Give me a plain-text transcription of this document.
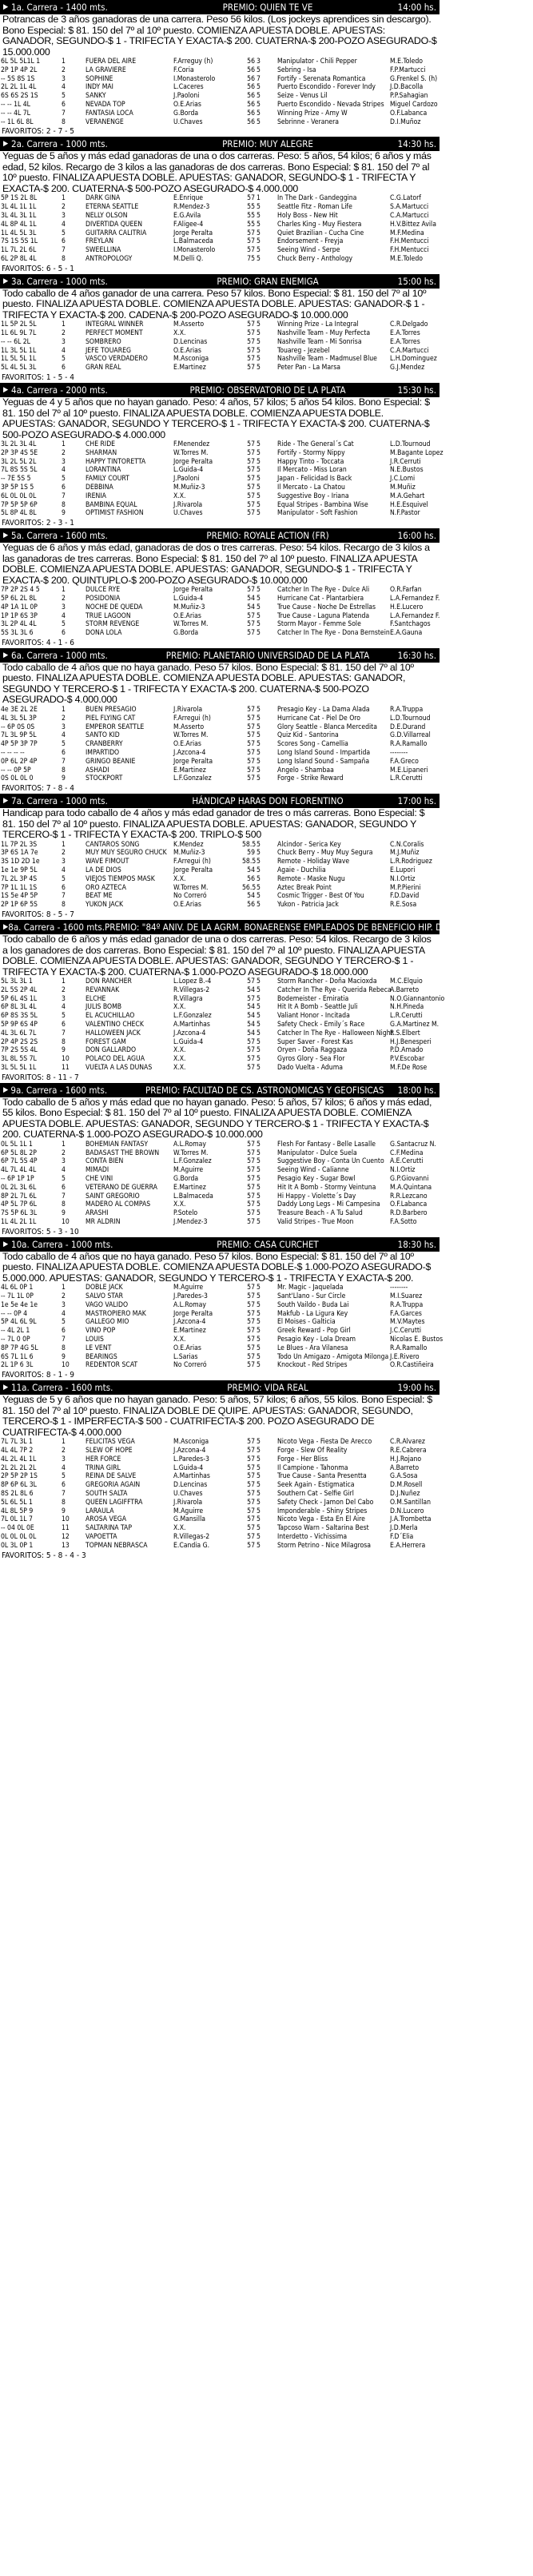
▶ 1a. Carrera - 1400 mts.	PREMIO: QUIEN TE VE	14:00 hs.
Potrancas de 3 años ganadoras de una carrera. Peso 56 kilos. (Los jockeys aprendices sin descargo). Bono Especial: $ 81. 150 del 7º al 10º puesto. COMIENZA APUESTA DOBLE. APUESTAS: GANADOR, SEGUNDO-$ 1 - TRIFECTA Y EXACTA-$ 200. CUATERNA-$ 200-POZO ASEGURADO-$ 15.000.000
6L 5L 5L1L 1	1	FUERA DEL AIRE	F.Arreguy (h)	56	3	Manipulator - Chili Pepper	M.E.Toledo
2P 1P 4P 2L	2	LA GRAVIERE	F.Coria	56	5	Sebring - Isa	F.P.Martucci
-- 5S 8S 1S	3	SOPHINE	I.Monasterolo	56	7	Fortify - Serenata Romantica	G.Frenkel S. (h)
2L 2L 1L 4L	4	INDY MAI	L.Caceres	56	5	Puerto Escondido - Forever Indy	J.D.Bacolla
6S 6S 2S 1S	5	SANKY	J.Paoloni	56	5	Seize - Venus Lil	P.P.Sahagian
-- -- 1L 4L	6	NEVADA TOP	O.E.Arias	56	5	Puerto Escondido - Nevada Stripes	Miguel Cardozo
-- -- 4L 7L	7	FANTASIA LOCA	G.Borda	56	5	Winning Prize - Amy W	O.F.Labanca
-- 1L 6L 8L	8	VERANENGE	U.Chaves	56	5	Sebrinne - Veranera	D.I.Muñoz
FAVORITOS: 2 - 7 - 5
▶ 2a. Carrera - 1000 mts.	PREMIO: MUY ALEGRE	14:30 hs.
Yeguas de 5 años y más edad ganadoras de una o dos carreras. Peso: 5 años, 54 kilos; 6 años y más edad, 52 kilos. Recargo de 3 kilos a las ganadoras de dos carreras. Bono Especial: $ 81. 150 del 7º al 10º puesto. FINALIZA APUESTA DOBLE. APUESTAS: GANADOR, SEGUNDO-$ 1 - TRIFECTA Y EXACTA-$ 200. CUATERNA-$ 500-POZO ASEGURADO-$ 4.000.000
5P 1S 2L 8L	1	DARK GINA	E.Enrique	57	1	In The Dark - Gandeggina	C.G.Latorf
3L 4L 1L 1L	2	ETERNA SEATTLE	R.Mendez-3	55	5	Seattle Fitz - Roman Life	S.A.Martucci
3L 4L 3L 1L	3	NELLY OLSON	E.G.Avila	55	5	Holy Boss - New Hit	C.A.Martucci
4L 8P 4L 1L	4	DIVERTIDA QUEEN	F.Aligee-4	55	5	Charles King - Muy Fiestera	H.V.Bittez Avila
1L 4L 5L 3L	5	GUITARRA CALITRIA	Jorge Peralta	57	5	Quiet Brazilian - Cucha Cine	M.F.Medina
7S 1S 5S 1L	6	FREYLAN	L.Balmaceda	57	5	Endorsement - Freyja	F.H.Mentucci
1L 7L 2L 6L	7	SWEELLINA	I.Monasterolo	57	5	Seeing Wind - Serpe	F.H.Mentucci
6L 2P 8L 4L	8	ANTROPOLOGY	M.Delli Q.	75	5	Chuck Berry - Anthology	M.E.Toledo
FAVORITOS: 6 - 5 - 1
▶ 3a. Carrera - 1000 mts.	PREMIO: GRAN ENEMIGA	15:00 hs.
Todo caballo de 4 años ganador de una carrera. Peso 57 kilos. Bono Especial: $ 81. 150 del 7º al 10º puesto. FINALIZA APUESTA DOBLE. COMIENZA APUESTA DOBLE. APUESTAS: GANADOR-$ 1 - TRIFECTA Y EXACTA-$ 200. CADENA-$ 200-POZO ASEGURADO-$ 10.000.000
1L 5P 2L 5L	1	INTEGRAL WINNER	M.Asserto	57	5	Winning Prize - La Integral	C.R.Delgado
1L 6L 9L 7L	2	PERFECT MOMENT	X.X.	57	5	Nashville Team - Muy Perfecta	E.A.Torres
-- -- 6L 2L	3	SOMBRERO	D.Lencinas	57	5	Nashville Team - Mi Sonrisa	E.A.Torres
1L 3L 5L 1L	4	JEFE TOUAREG	O.E.Arias	57	5	Touareg - Jezebel	C.A.Martucci
1L 5L 5L 1L	5	VASCO VERDADERO	M.Asconiga	57	5	Nashville Team - Madmusel Blue	L.H.Dominguez
5L 4L 5L 3L	6	GRAN REAL	E.Martinez	57	5	Peter Pan - La Marsa	G.J.Mendez
FAVORITOS: 1 - 5 - 4
▶ 4a. Carrera - 2000 mts.	PREMIO: OBSERVATORIO DE LA PLATA	15:30 hs.
Yeguas de 4 y 5 años que no hayan ganado. Peso: 4 años, 57 kilos; 5 años 54 kilos. Bono Especial: $ 81. 150 del 7º al 10º puesto. FINALIZA APUESTA DOBLE. COMIENZA APUESTA DOBLE. APUESTAS: GANADOR, SEGUNDO Y TERCERO-$ 1 - TRIFECTA Y EXACTA-$ 200. CUATERNA-$ 500-POZO ASEGURADO-$ 4.000.000
3L 2L 3L 4L	1	CHE RIDE	F.Menendez	57	5	Ride - The General´s Cat	L.D.Tournoud
2P 3P 4S 5E	2	SHARMAN	W.Torres M.	57	5	Fortify - Stormy Nippy	M.Bagante Lopez
3L 2L 5L 2L	3	HAPPY TINTORETTA	Jorge Peralta	57	5	Happy Tinto - Toccata	J.R.Cerruti
7L 8S 5S 5L	4	LORANTINA	L.Guida-4	57	5	Il Mercato - Miss Loran	N.E.Bustos
-- 7E 5S 5	5	FAMILY COURT	J.Paoloni	57	5	Japan - Felicidad Is Back	J.C.Lomi
3P 5P 1S 5	6	DEBBINA	M.Muñiz-3	57	5	Il Mercato - La Chatou	M.Muñiz
6L 0L 0L 0L	7	IRENIA	X.X.	57	5	Suggestive Boy - Iriana	M.A.Gehart
7P 5P 5P 6P	8	BAMBINA EQUAL	J.Rivarola	57	5	Equal Stripes - Bambina Wise	H.E.Esquivel
5L 8P 4L 8L	9	OPTIMIST FASHION	U.Chaves	57	5	Manipulator - Soft Fashion	N.F.Pastor
FAVORITOS: 2 - 3 - 1
▶ 5a. Carrera - 1600 mts.	PREMIO: ROYALE ACTION (FR)	16:00 hs.
Yeguas de 6 años y más edad, ganadoras de dos o tres carreras. Peso: 54 kilos. Recargo de 3 kilos a las ganadoras de tres carreras. Bono Especial: $ 81. 150 del 7º al 10º puesto. FINALIZA APUESTA DOBLE. COMIENZA APUESTA DOBLE. APUESTAS: GANADOR, SEGUNDO-$ 1 - TRIFECTA Y EXACTA-$ 200. QUINTUPLO-$ 200-POZO ASEGURADO-$ 10.000.000
7P 2P 2S 4 5	1	DULCE RYE	Jorge Peralta	57	5	Catcher In The Rye - Dulce Ali	O.R.Farfan
5P 6L 2L 8L	2	POSIDONIA	L.Guida-4	54	5	Hurricane Cat - Plantarbiera	L.A.Fernandez F.
4P 1A 1L 0P	3	NOCHE DE QUEDA	M.Muñiz-3	54	5	True Cause - Noche De Estrellas	H.E.Lucero
1P 1P 6S 3P	4	TRUE LAGOON	O.E.Arias	57	5	True Cause - Laguna Platenda	L.A.Fernandez F.
3L 2P 4L 4L	5	STORM REVENGE	W.Torres M.	57	5	Storm Mayor - Femme Sole	F.Santchagos
5S 3L 3L 6	6	DONA LOLA	G.Borda	57	5	Catcher In The Rye - Dona Bernstein	E.A.Gauna
FAVORITOS: 4 - 1 - 6
▶ 6a. Carrera - 1000 mts.	PREMIO: PLANETARIO UNIVERSIDAD DE LA PLATA	16:30 hs.
Todo caballo de 4 años que no haya ganado. Peso 57 kilos. Bono Especial: $ 81. 150 del 7º al 10º puesto. FINALIZA APUESTA DOBLE. COMIENZA APUESTA DOBLE. APUESTAS: GANADOR, SEGUNDO Y TERCERO-$ 1 - TRIFECTA Y EXACTA-$ 200. CUATERNA-$ 500-POZO ASEGURADO-$ 4.000.000
4e 3E 2L 2E	1	BUEN PRESAGIO	J.Rivarola	57	5	Presagio Key - La Dama Alada	R.A.Truppa
4L 3L 5L 3P	2	PIEL FLYING CAT	F.Arregui (h)	57	5	Hurricane Cat - Piel De Oro	L.D.Tournoud
-- 6P 0S 0S	3	EMPEROR SEATTLE	M.Asserto	57	5	Glory Seattle - Blanca Mercedita	D.E.Durand
7L 3L 9P 5L	4	SANTO KID	W.Torres M.	57	5	Quiz Kid - Santorina	G.D.Villarreal
4P 5P 3P 7P	5	CRANBERRY	O.E.Arias	57	5	Scores Song - Camellia	R.A.Ramallo
-- -- -- --	6	IMPARTIDO	J.Azcona-4	57	5	Long Island Sound - Impartida	--------
0P 6L 2P 4P	7	GRINGO BEANIE	Jorge Peralta	57	5	Long Island Sound - Sampaña	F.A.Greco
-- -- 0P 5P	8	ASHADI	E.Martinez	57	5	Angelo - Shambaa	M.E.Lipaneri
0S 0L 0L 0	9	STOCKPORT	L.F.Gonzalez	57	5	Forge - Strike Reward	L.R.Cerutti
FAVORITOS: 7 - 8 - 4
▶ 7a. Carrera - 1000 mts.	HÁNDICAP HARAS DON FLORENTINO	17:00 hs.
Handicap para todo caballo de 4 años y más edad ganador de tres o más carreras. Bono Especial: $ 81. 150 del 7º al 10º puesto. FINALIZA APUESTA DOBLE. APUESTAS: GANADOR, SEGUNDO Y TERCERO-$ 1 - TRIFECTA Y EXACTA-$ 200. TRIPLO-$ 500
1L 7P 2L 3S	1	CANTAROS SONG	K.Mendez	58.5	5	Alcindor - Serica Key	C.N.Coralis
3P 6S 1A 7e	2	MUY MUY SEGURO CHUCK	M.Muñiz-3	59	5	Chuck Berry - Muy Muy Segura	M.J.Muñiz
3S 1D 2D 1e	3	WAVE FIMOUT	F.Arregui (h)	58.5	5	Remote - Holiday Wave	L.R.Rodriguez
1e 1e 9P 5L	4	LA DE DIOS	Jorge Peralta	54	5	Agaie - Duchilia	E.Lupori
7L 2L 3P 4S	5	VIEJOS TIEMPOS MASK	X.X.	56	5	Remote - Maske Nugu	N.I.Ortiz
7P 1L 1L 1S	6	ORO AZTECA	W.Torres M.	56.5	5	Aztec Break Point	M.P.Pierini
1S 5e 4P 5P	7	BEAT ME	No Correró	54	5	Cosmic Trigger - Best Of You	F.D.David
2P 1P 6P 5S	8	YUKON JACK	O.E.Arias	56	5	Yukon - Patricia Jack	R.E.Sosa
FAVORITOS: 8 - 5 - 7
▶ 8a. Carrera - 1600 mts. PREMIO: "84º ANIV. DE LA AGRM. BONAERENSE EMPLEADOS DE BENEFICIO HIP. DE LA PLATA" 17:30 hs.
Todo caballo de 6 años y más edad ganador de una o dos carreras. Peso: 54 kilos. Recargo de 3 kilos a los ganadores de dos carreras. Bono Especial: $ 81. 150 del 7º al 10º puesto. FINALIZA APUESTA DOBLE. COMIENZA APUESTA DOBLE. APUESTAS: GANADOR, SEGUNDO Y TERCERO-$ 1 - TRIFECTA Y EXACTA-$ 200. CUATERNA-$ 1.000-POZO ASEGURADO-$ 18.000.000
5L 3L 3L 1	1	DON RANCHER	L.Lopez B.-4	57	5	Storm Rancher - Doña Macioxda	M.C.Elquio
2L 5S 2P 4L	2	REVANNAK	R.Villegas-2	54	5	Catcher In The Rye - Querida Rebeca	A.Barreto
5P 6L 4S 1L	3	ELCHE	R.Villagra	57	5	Bodemeister - Emiratia	N.O.Giannantonio
6P 8L 3L 4L	4	JULIS BOMB	X.X.	54	5	Hit It A Bomb - Seattle Juli	N.H.Pineda
6P 8S 3S 5L	5	EL ACUCHILLAO	L.F.Gonzalez	54	5	Valiant Honor - Incitada	L.R.Cerutti
5P 9P 6S 4P	6	VALENTINO CHECK	A.Martinhas	54	5	Safety Check - Emily´s Race	G.A.Martinez M.
4L 3L 6L 7L	7	HALLOWEEN JACK	J.Azcona-4	54	5	Catcher In The Rye - Halloween Night	R.S.Elbert
2P 4P 2S 2S	8	FOREST GAM	L.Guida-4	57	5	Super Saver - Forest Kas	H.J.Benesperi
7P 2S 5S 4L	9	DON GALLARDO	X.X.	57	5	Oryen - Doña Raggaza	P.D.Amado
3L 8L 5S 7L	10	POLACO DEL AGUA	X.X.	57	5	Gyros Glory - Sea Flor	P.V.Escobar
3L 5L 5L 1L	11	VUELTA A LAS DUNAS	X.X.	57	5	Dado Vuelta - Aduma	M.F.De Rose
FAVORITOS: 8 - 11 - 7
▶ 9a. Carrera - 1600 mts.	PREMIO: FACULTAD DE CS. ASTRONOMICAS Y GEOFISICAS	18:00 hs.
Todo caballo de 5 años y más edad que no hayan ganado. Peso: 5 años, 57 kilos; 6 años y más edad, 55 kilos. Bono Especial: $ 81. 150 del 7º al 10º puesto. FINALIZA APUESTA DOBLE. COMIENZA APUESTA DOBLE. APUESTAS: GANADOR, SEGUNDO Y TERCERO-$ 1 - TRIFECTA Y EXACTA-$ 200. CUATERNA-$ 1.000-POZO ASEGURADO-$ 10.000.000
0L 5L 1L 1	1	BOHEMIAN FANTASY	A.L.Romay	57	5	Flesh For Fantasy - Belle Lasalle	G.Santacruz N.
6P 5L 8L 2P	2	BADASAST THE BROWN	W.Torres M.	57	5	Manipulator - Dulce Suela	C.F.Medina
6P 7L 5S 4P	3	CONTA BIEN	L.F.Gonzalez	57	5	Suggestive Boy - Conta Un Cuento	A.E.Cerutti
4L 7L 4L 4L	4	MIMADI	M.Aguirre	57	5	Seeing Wind - Calianne	N.I.Ortiz
-- 6P 1P 1P	5	CHE VINI	G.Borda	57	5	Pesagio Key - Sugar Bowl	G.P.Giovanni
0L 2L 3L 6L	6	VETERANO DE GUERRA	E.Martinez	57	5	Hit It A Bomb - Stormy Veintuna	M.A.Quintana
8P 2L 7L 6L	7	SAINT GREGORIO	L.Balmaceda	57	5	Hi Happy - Violette´s Day	R.R.Lezcano
4P 5L 7P 6L	8	MADERO AL COMPAS	X.X.	57	5	Daddy Long Legs - Mi Campesina	O.F.Labanca
7S 5P 6L 3L	9	ARASHI	P.Sotelo	57	5	Treasure Beach - A Tu Salud	R.D.Barbero
1L 4L 2L 1L	10	MR ALDRIN	J.Mendez-3	57	5	Valid Stripes - True Moon	F.A.Sotto
FAVORITOS: 5 - 3 - 10
▶ 10a. Carrera - 1000 mts.	PREMIO: CASA CURCHET	18:30 hs.
Todo caballo de 4 años que no haya ganado. Peso 57 kilos. Bono Especial: $ 81. 150 del 7º al 10º puesto. FINALIZA APUESTA DOBLE. COMIENZA APUESTA DOBLE-$ 1.000-POZO ASEGURADO-$ 5.000.000. APUESTAS: GANADOR, SEGUNDO Y TERCERO-$ 1 - TRIFECTA Y EXACTA-$ 200.
4L 6L 0P 1	1	DOBLE JACK	M.Aguirre	57	5	Mr. Magic - Jaquelada	--------
-- 7L 1L 0P	2	SALVO STAR	J.Paredes-3	57	5	Sant'Llano - Sur Circle	M.I.Suarez
1e 5e 4e 1e	3	VAGO VALIDO	A.L.Romay	57	5	South Vaildo - Buda Lai	R.A.Truppa
-- -- 0P 4	4	MASTROPIERO MAK	Jorge Peralta	57	5	Makfub - La Ligura Key	F.A.Garces
5P 4L 6L 9L	5	GALLEGO MIO	J.Azcona-4	57	5	El Moises - Galticia	M.V.Maytes
-- 4L 2L 1	6	VINO POP	E.Martinez	57	5	Greek Reward - Pop Girl	J.C.Cerutti
-- 7L 0 0P	7	LOUIS	X.X.	57	5	Pesagio Key - Lola Dream	Nicolas E. Bustos
8P 7P 4G 5L	8	LE VENT	O.E.Arias	57	5	Le Blues - Ara Vilanesa	R.A.Ramallo
6S 7L 1L 6	9	BEARINGS	L.Sarias	57	5	Todo Un Amigazo - Amigota Milonga	J.E.Rivero
2L 1P 6 3L	10	REDENTOR SCAT	No Correró	57	5	Knockout - Red Stripes	O.R.Castiñeira
FAVORITOS: 8 - 1 - 9
▶ 11a. Carrera - 1600 mts.	PREMIO: VIDA REAL	19:00 hs.
Yeguas de 5 y 6 años que no hayan ganado. Peso: 5 años, 57 kilos; 6 años, 55 kilos. Bono Especial: $ 81. 150 del 7º al 10º puesto. FINALIZA DOBLE DE QUIPE. APUESTAS: GANADOR, SEGUNDO, TERCERO-$ 1 - IMPERFECTA-$ 500 - CUATRIFECTA-$ 200. POZO ASEGURADO DE CUATRIFECTA-$ 4.000.000
7L 7L 3L 1	1	FELICITAS VEGA	M.Asconiga	57	5	Nicoto Vega - Fiesta De Arecco	C.R.Alvarez
4L 4L 7P 2	2	SLEW OF HOPE	J.Azcona-4	57	5	Forge - Slew Of Reality	R.E.Cabrera
4L 2L 4L 1L	3	HER FORCE	L.Paredes-3	57	5	Forge - Her Bliss	H.J.Rojano
2L 2L 2L 2L	4	TRINA GIRL	L.Guida-4	57	5	Il Campione - Tahonma	A.Barreto
2P 5P 2P 1S	5	REINA DE SALVE	A.Martinhas	57	5	True Cause - Santa Presentta	G.A.Sosa
8P 6P 6L 3L	6	GREGORIA AGAIN	D.Lencinas	57	5	Seek Again - Estigmatica	D.M.Rosell
8S 2L 8L 6	7	SOUTH SALTA	U.Chaves	57	5	Southern Cat - Selfie Girl	D.J.Nuñez
5L 6L 5L 1	8	QUEEN LAGIFFTRA	J.Rivarola	57	5	Safety Check - Jamon Del Cabo	O.M.Santillan
4L 8L 5P 9	9	LARAULA	M.Aguirre	57	5	Imponderable - Shiny Stripes	D.N.Lucero
7L 0L 1L 7	10	AROSA VEGA	G.Mansilla	57	5	Nicoto Vega - Esta En El Aire	J.A.Trombetta
-- 04 0L 0E	11	SALTARINA TAP	X.X.	57	5	Tapcoso Warn - Saltarina Best	J.D.Merla
0L 0L 0L 0L	12	VAPOETTA	R.Villegas-2	57	5	Interdetto - Vichissima	F.D´Elia
0L 3L 0P 1	13	TOPMAN NEBRASCA	E.Candia G.	57	5	Storm Petrino - Nice Milagrosa	E.A.Herrera
FAVORITOS: 5 - 8 - 4 - 3
